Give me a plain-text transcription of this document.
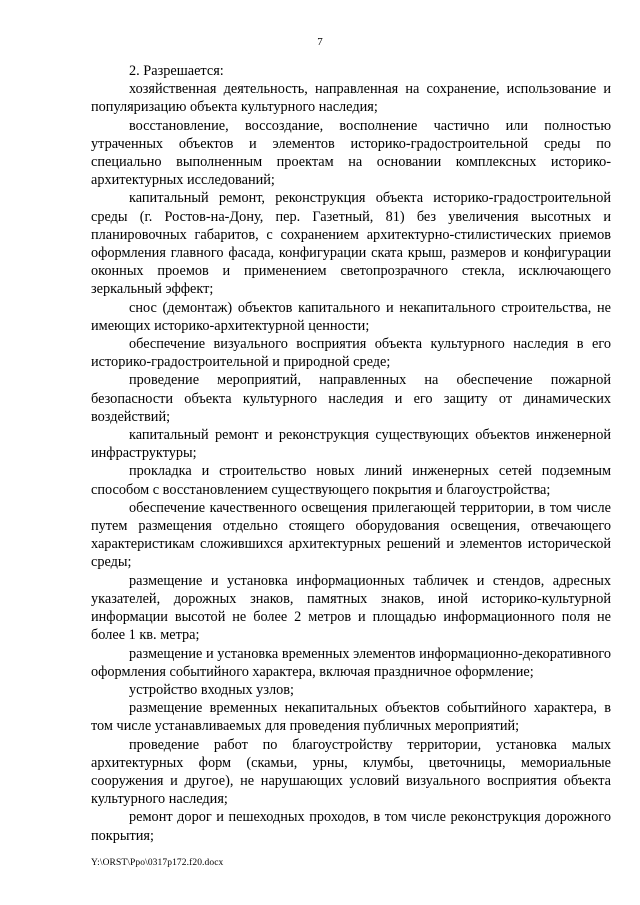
7

2. Разрешается:

хозяйственная деятельность, направленная на сохранение, использование и популяризацию объекта культурного наследия;

восстановление, воссоздание, восполнение частично или полностью утраченных объектов и элементов историко-градостроительной среды по специально выполненным проектам на основании комплексных историко-архитектурных исследований;

капитальный ремонт, реконструкция объекта историко-градостроительной среды (г. Ростов-на-Дону, пер. Газетный, 81) без увеличения высотных и планировочных габаритов, с сохранением архитектурно-стилистических приемов оформления главного фасада, конфигурации ската крыш, размеров и конфигурации оконных проемов и применением светопрозрачного стекла, исключающего зеркальный эффект;

снос (демонтаж) объектов капитального и некапитального строительства, не имеющих историко-архитектурной ценности;

обеспечение визуального восприятия объекта культурного наследия в его историко-градостроительной и природной среде;

проведение мероприятий, направленных на обеспечение пожарной безопасности объекта культурного наследия и его защиту от динамических воздействий;

капитальный ремонт и реконструкция существующих объектов инженерной инфраструктуры;

прокладка и строительство новых линий инженерных сетей подземным способом с восстановлением существующего покрытия и благоустройства;

обеспечение качественного освещения прилегающей территории, в том числе путем размещения отдельно стоящего оборудования освещения, отвечающего характеристикам сложившихся архитектурных решений и элементов исторической среды;

размещение и установка информационных табличек и стендов, адресных указателей, дорожных знаков, памятных знаков, иной историко-культурной информации высотой не более 2 метров и площадью информационного поля не более 1 кв. метра;

размещение и установка временных элементов информационно-декоративного оформления событийного характера, включая праздничное оформление;

устройство входных узлов;

размещение временных некапитальных объектов событийного характера, в том числе устанавливаемых для проведения публичных мероприятий;

проведение работ по благоустройству территории, установка малых архитектурных форм (скамьи, урны, клумбы, цветочницы, мемориальные сооружения и другое), не нарушающих условий визуального восприятия объекта культурного наследия;

ремонт дорог и пешеходных проходов, в том числе реконструкция дорожного покрытия;

Y:\ORST\Ppo\0317p172.f20.docx
